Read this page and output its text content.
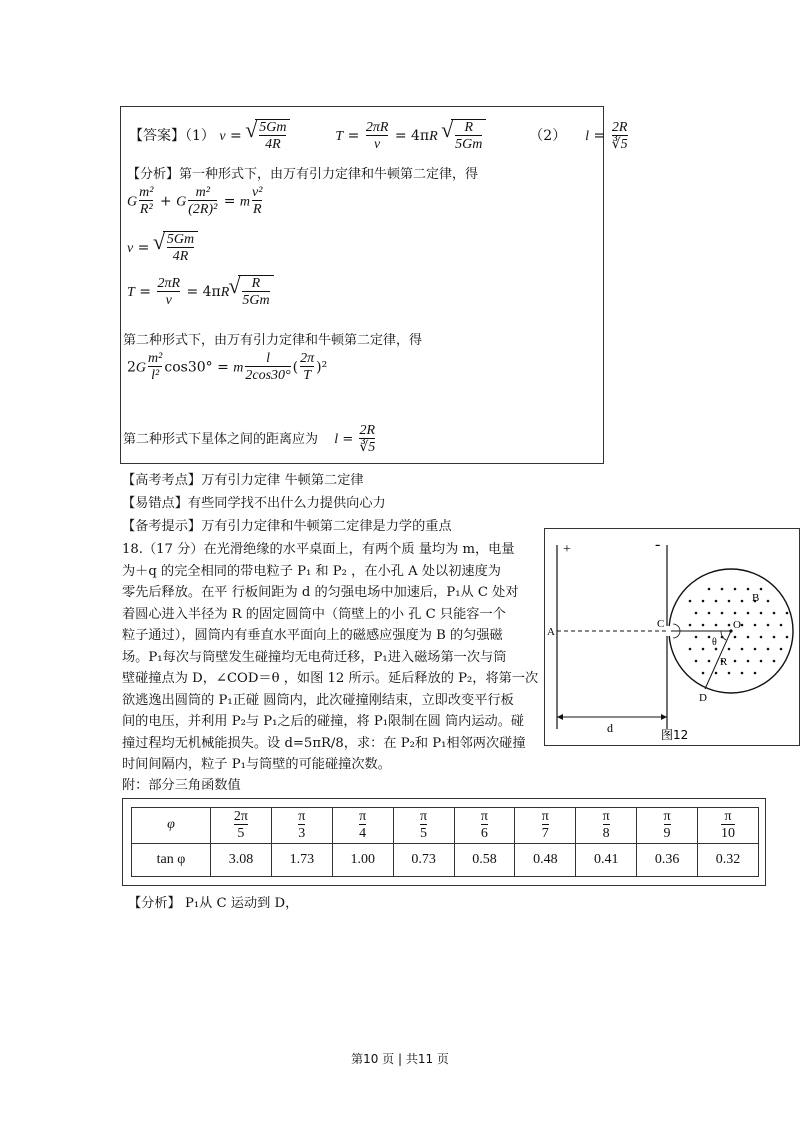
【答案】（1） v = √ $\frac{5Gm}{4R}$	$T = \frac{2\pi R}{v} = 4\pi R$ √ $\frac{R}{5Gm}$	（2） $l = \frac{2R}{∛5}$
【分析】第一种形式下，由万有引力定律和牛顿第二定律，得
G $\frac{\text{m²}}{\text{R²}} + G \frac{\text{m²}}{\text{(2R)²}} = m \frac{\text{v²}}{R}$
v = √ $\frac{5Gm}{4R}$
$T = \frac{2\pi R}{v} = 4\pi R$ √ $\frac{R}{5Gm}$
第二种形式下，由万有引力定律和牛顿第二定律，得
$2G \frac{\text{m²}}{\text{l²}} \cos 30^\circ = m \frac{l}{2\cos 30^\circ}$ ( $\frac{2\pi}{T} )^2$
第二种形式下星体之间的距离应为 $l = \frac{2R}{∛5}$
【高考考点】万有引力定律 牛顿第二定律
【易错点】有些同学找不出什么力提供向心力
【备考提示】万有引力定律和牛顿第二定律是力学的重点
18.（17 分）在光滑绝缘的水平桌面上，有两个质 量均为 m，电量
为＋q 的完全相同的带电粒子 P₁ 和 P₂ ，在小孔 A 处以初速度为
零先后释放。在平 行板间距为 d 的匀强电场中加速后，P₁从 C 处对
着圆心进入半径为 R 的固定圆筒中（筒壁上的小 孔 C 只能容一个
粒子通过），圆筒内有垂直水平面向上的磁感应强度为 B 的匀强磁
场。P₁每次与筒壁发生碰撞均无电荷迁移，P₁进入磁场第一次与筒
壁碰撞点为 D，∠COD＝θ ，如图 12 所示。延后释放的 P₂，将第一次
欲逃逸出圆筒的 P₁正碰 圆筒内，此次碰撞刚结束，立即改变平行板
间的电压，并利用 P₂与 P₁之后的碰撞，将 P₁限制在圆 筒内运动。碰
撞过程均无机械能损失。设 d=5πR/8，求：在 P₂和 P₁相邻两次碰撞
时间间隔内，粒子 P₁与筒壁的可能碰撞次数。
附：部分三角函数值
+	-
A
C	O
B
θ
R
D
d	图12
φ	$\frac{2\pi}{5}$	$\frac{\pi}{3}$	$\frac{\pi}{4}$	$\frac{\pi}{5}$	$\frac{\pi}{6}$	$\frac{\pi}{7}$	$\frac{\pi}{8}$	$\frac{\pi}{9}$	$\frac{\pi}{10}$

tan φ	3.08	1.73	1.00	0.73	0.58	0.48	0.41	0.36	0.32
【分析】 P₁从 C 运动到 D，
第10 页 | 共11 页
